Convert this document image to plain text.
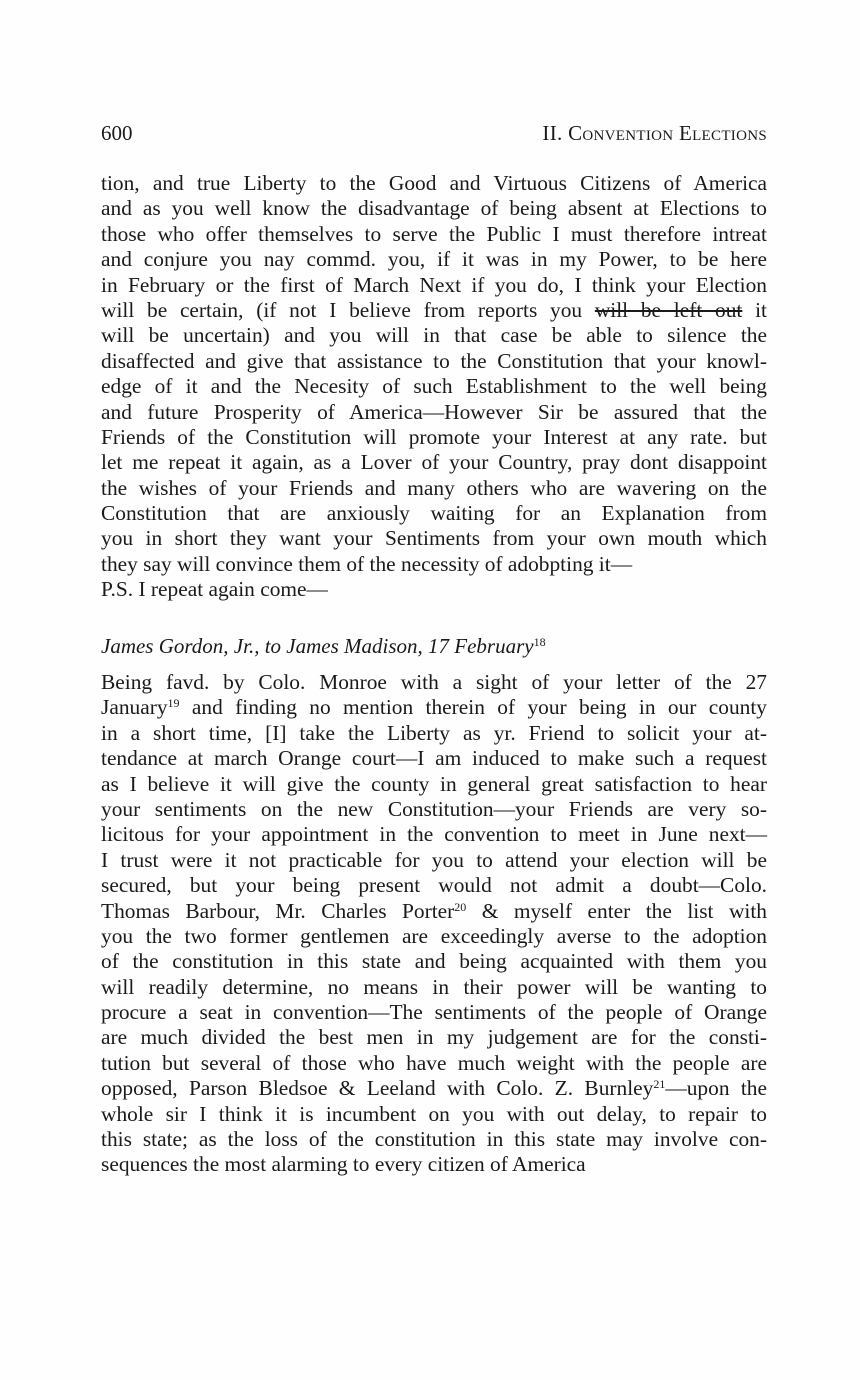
600	II. Convention Elections
tion, and true Liberty to the Good and Virtuous Citizens of America
and as you well know the disadvantage of being absent at Elections to
those who offer themselves to serve the Public I must therefore intreat
and conjure you nay commd. you, if it was in my Power, to be here
in February or the first of March Next if you do, I think your Election
will be certain, (if not I believe from reports you will be left out it
will be uncertain) and you will in that case be able to silence the
disaffected and give that assistance to the Constitution that your knowl-
edge of it and the Necesity of such Establishment to the well being
and future Prosperity of America—However Sir be assured that the
Friends of the Constitution will promote your Interest at any rate. but
let me repeat it again, as a Lover of your Country, pray dont disappoint
the wishes of your Friends and many others who are wavering on the
Constitution that are anxiously waiting for an Explanation from
you in short they want your Sentiments from your own mouth which
they say will convince them of the necessity of adobpting it—
P.S. I repeat again come—
James Gordon, Jr., to James Madison, 17 February$^{18}$
Being favd. by Colo. Monroe with a sight of your letter of the 27
January$^{19}$ and finding no mention therein of your being in our county
in a short time, [I] take the Liberty as yr. Friend to solicit your at-
tendance at march Orange court—I am induced to make such a request
as I believe it will give the county in general great satisfaction to hear
your sentiments on the new Constitution—your Friends are very so-
licitous for your appointment in the convention to meet in June next—
I trust were it not practicable for you to attend your election will be
secured, but your being present would not admit a doubt—Colo.
Thomas Barbour, Mr. Charles Porter$^{20}$ & myself enter the list with
you the two former gentlemen are exceedingly averse to the adoption
of the constitution in this state and being acquainted with them you
will readily determine, no means in their power will be wanting to
procure a seat in convention—The sentiments of the people of Orange
are much divided the best men in my judgement are for the consti-
tution but several of those who have much weight with the people are
opposed, Parson Bledsoe & Leeland with Colo. Z. Burnley$^{21}$—upon the
whole sir I think it is incumbent on you with out delay, to repair to
this state; as the loss of the constitution in this state may involve con-
sequences the most alarming to every citizen of America
